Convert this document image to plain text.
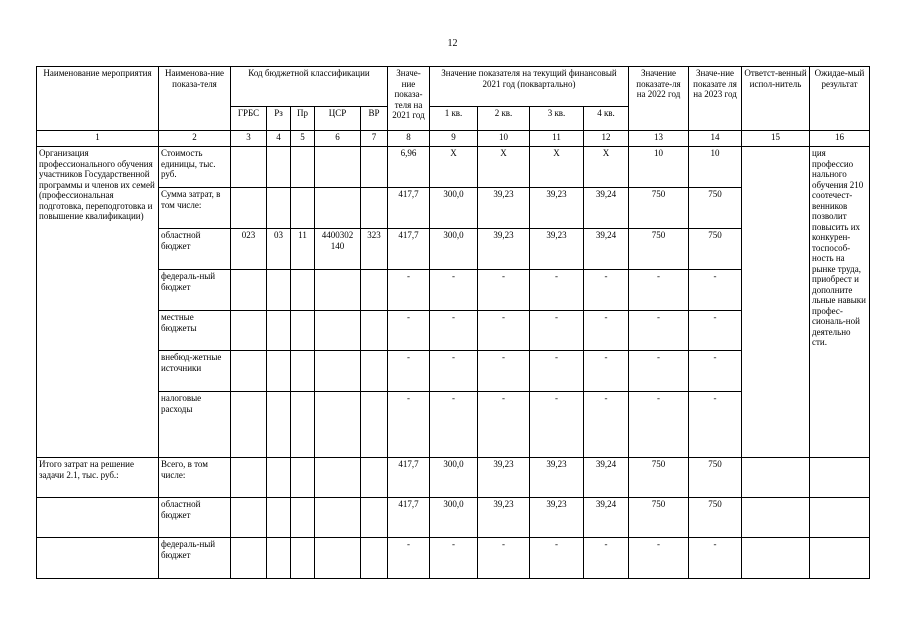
12
Наименование мероприятия	Наименова-ние показа-теля	Код бюджетной классификации					Значе-ние показа-теля на 2021 год	Значение показателя на текущий финансовый 2021 год (поквартально)				Значение показате-ля на 2022 год	Значе-ние показате ля на 2023 год	Ответст-венный испол-нитель	Ожидае-мый результат
		ГРБС	Рз	Пр	ЦСР	ВР		1 кв.	2 кв.	3 кв.	4 кв.				
1	2	3	4	5	6	7	8	9	10	11	12	13	14	15	16
Организация профессионального обучения участников Государственной программы и членов их семей (профессиональная подготовка, переподготовка и повышение квалификации)	Стоимость единицы, тыс. руб.						6,96	Х	Х	Х	Х	10	10		ция профессио нального обучения 210 соотечест-венников позволит повысить их конкурен-тоспособ-ность на рынке труда, приобрест и дополните льные навыки профес-сиональ-ной деятельно сти.
	Сумма затрат, в том числе:						417,7	300,0	39,23	39,23	39,24	750	750		
	областной бюджет	023	03	11	4400302 140	323	417,7	300,0	39,23	39,23	39,24	750	750		
	федераль-ный бюджет						-	-	-	-	-	-	-		
	местные бюджеты						-	-	-	-	-	-	-		
	внебюд-жетные источники						-	-	-	-	-	-	-		
	налоговые расходы						-	-	-	-	-	-	-		
Итого затрат на решение задачи 2.1, тыс. руб.:	Всего, в том числе:						417,7	300,0	39,23	39,23	39,24	750	750		
	областной бюджет						417,7	300,0	39,23	39,23	39,24	750	750		
	федераль-ный бюджет						-	-	-	-	-	-	-		
